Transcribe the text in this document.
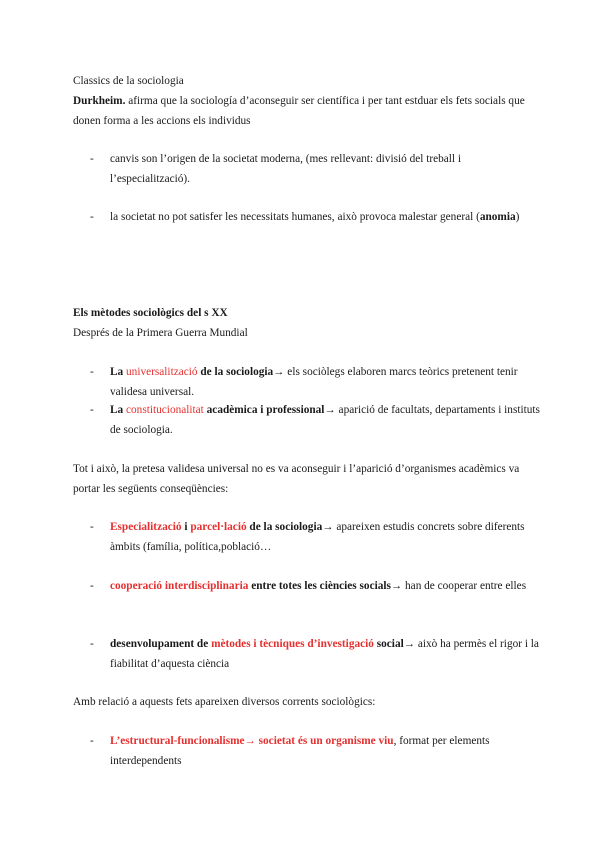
Classics de la sociologia
Durkheim. afirma que la sociología d’aconseguir ser científica i per tant estduar els fets socials que donen forma a les accions els individus
- canvis son l’origen de la societat moderna, (mes rellevant: divisió del treball i l’especialització).
- la societat no pot satisfer les necessitats humanes, això provoca malestar general (anomia)
Els mètodes sociològics del s XX
Després de la Primera Guerra Mundial
- La universalització de la sociologia→ els sociòlegs elaboren marcs teòrics pretenent tenir validesa universal.
- La constitucionalitat acadèmica i professional→ aparició de facultats, departaments i instituts de sociologia.
Tot i això, la pretesa validesa universal no es va aconseguir i l’aparició d’organismes acadèmics va portar les següents conseqüències:
- Especialització i parcel·lació de la sociologia→ apareixen estudis concrets sobre diferents àmbits (família, política,població…
- cooperació interdisciplinaria entre totes les ciències socials→ han de cooperar entre elles
- desenvolupament de mètodes i tècniques d’investigació social→ això ha permès el rigor i la fiabilitat d’aquesta ciència
Amb relació a aquests fets apareixen diversos corrents sociològics:
- L’estructural-funcionalisme→ societat és un organisme viu, format per elements interdependents
